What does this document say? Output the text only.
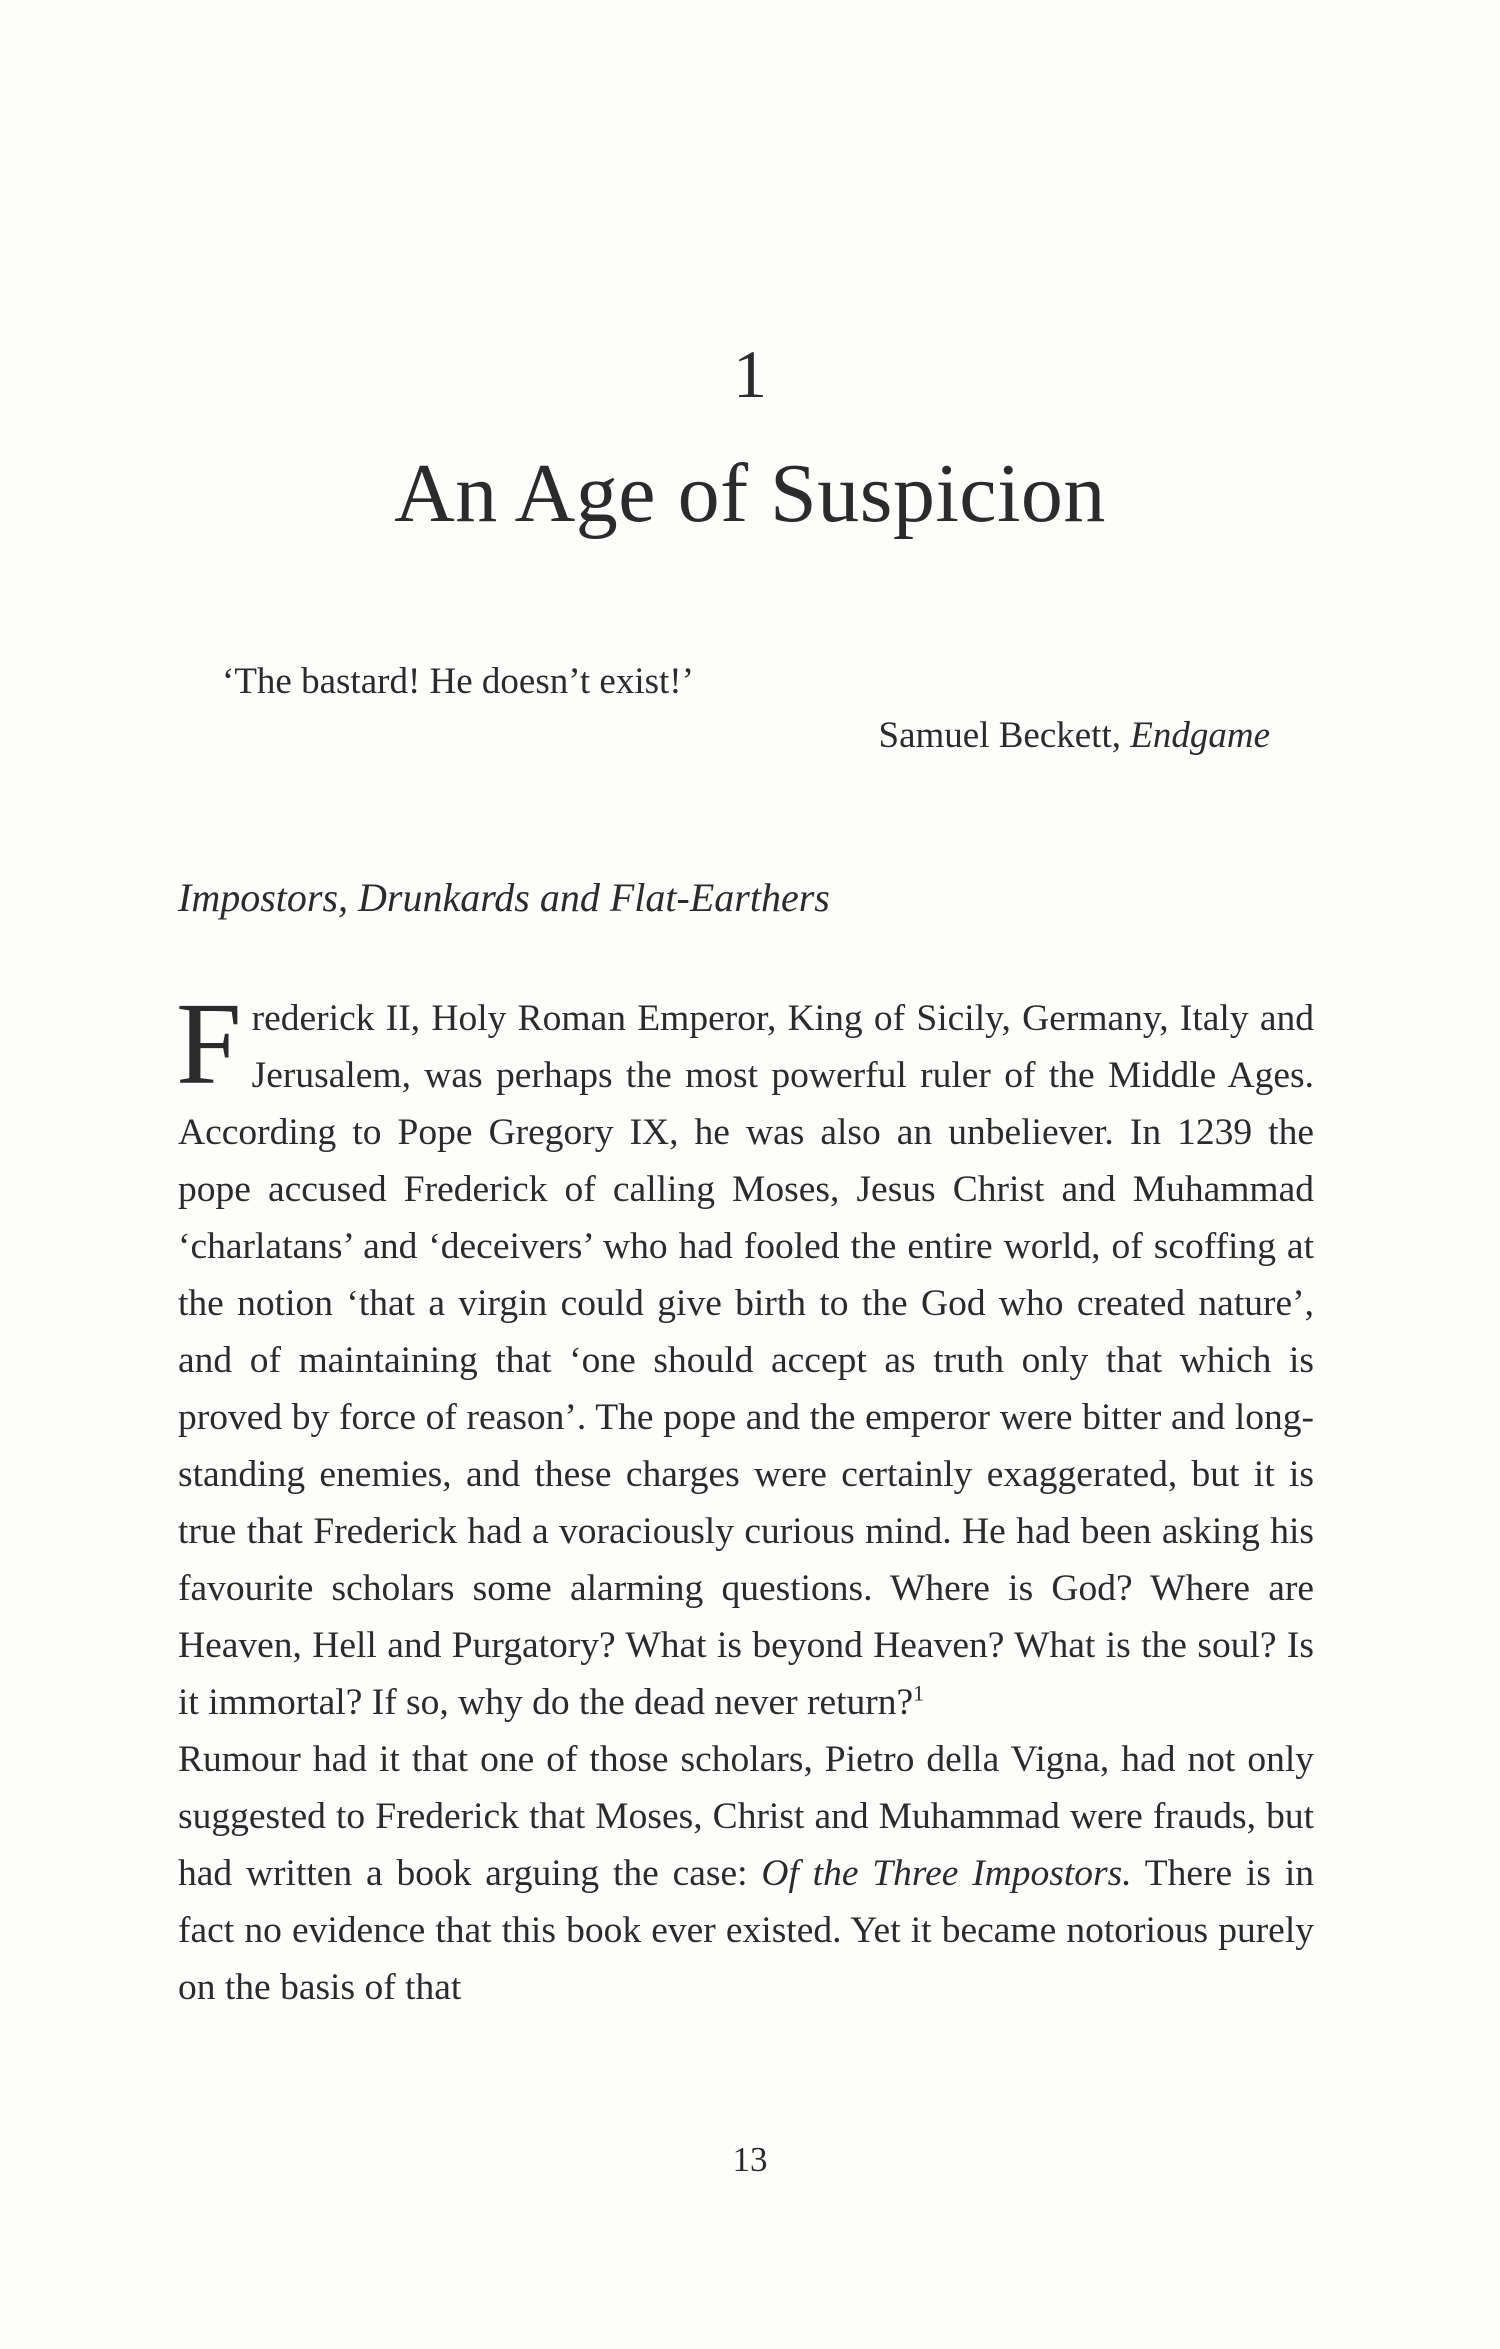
1
An Age of Suspicion
‘The bastard! He doesn’t exist!’
Samuel Beckett, Endgame
Impostors, Drunkards and Flat-Earthers

Frederick II, Holy Roman Emperor, King of Sicily, Germany, Italy and Jerusalem, was perhaps the most powerful ruler of the Middle Ages. According to Pope Gregory IX, he was also an unbeliever. In 1239 the pope accused Frederick of calling Moses, Jesus Christ and Muhammad ‘charlatans’ and ‘deceivers’ who had fooled the entire world, of scoffing at the notion ‘that a virgin could give birth to the God who created nature’, and of maintaining that ‘one should accept as truth only that which is proved by force of reason’. The pope and the emperor were bitter and long-standing enemies, and these charges were certainly exaggerated, but it is true that Frederick had a voraciously curious mind. He had been asking his favourite scholars some alarming questions. Where is God? Where are Heaven, Hell and Purgatory? What is beyond Heaven? What is the soul? Is it immortal? If so, why do the dead never return?$^1$

Rumour had it that one of those scholars, Pietro della Vigna, had not only suggested to Frederick that Moses, Christ and Muhammad were frauds, but had written a book arguing the case: Of the Three Impostors. There is in fact no evidence that this book ever existed. Yet it became notorious purely on the basis of that

13
